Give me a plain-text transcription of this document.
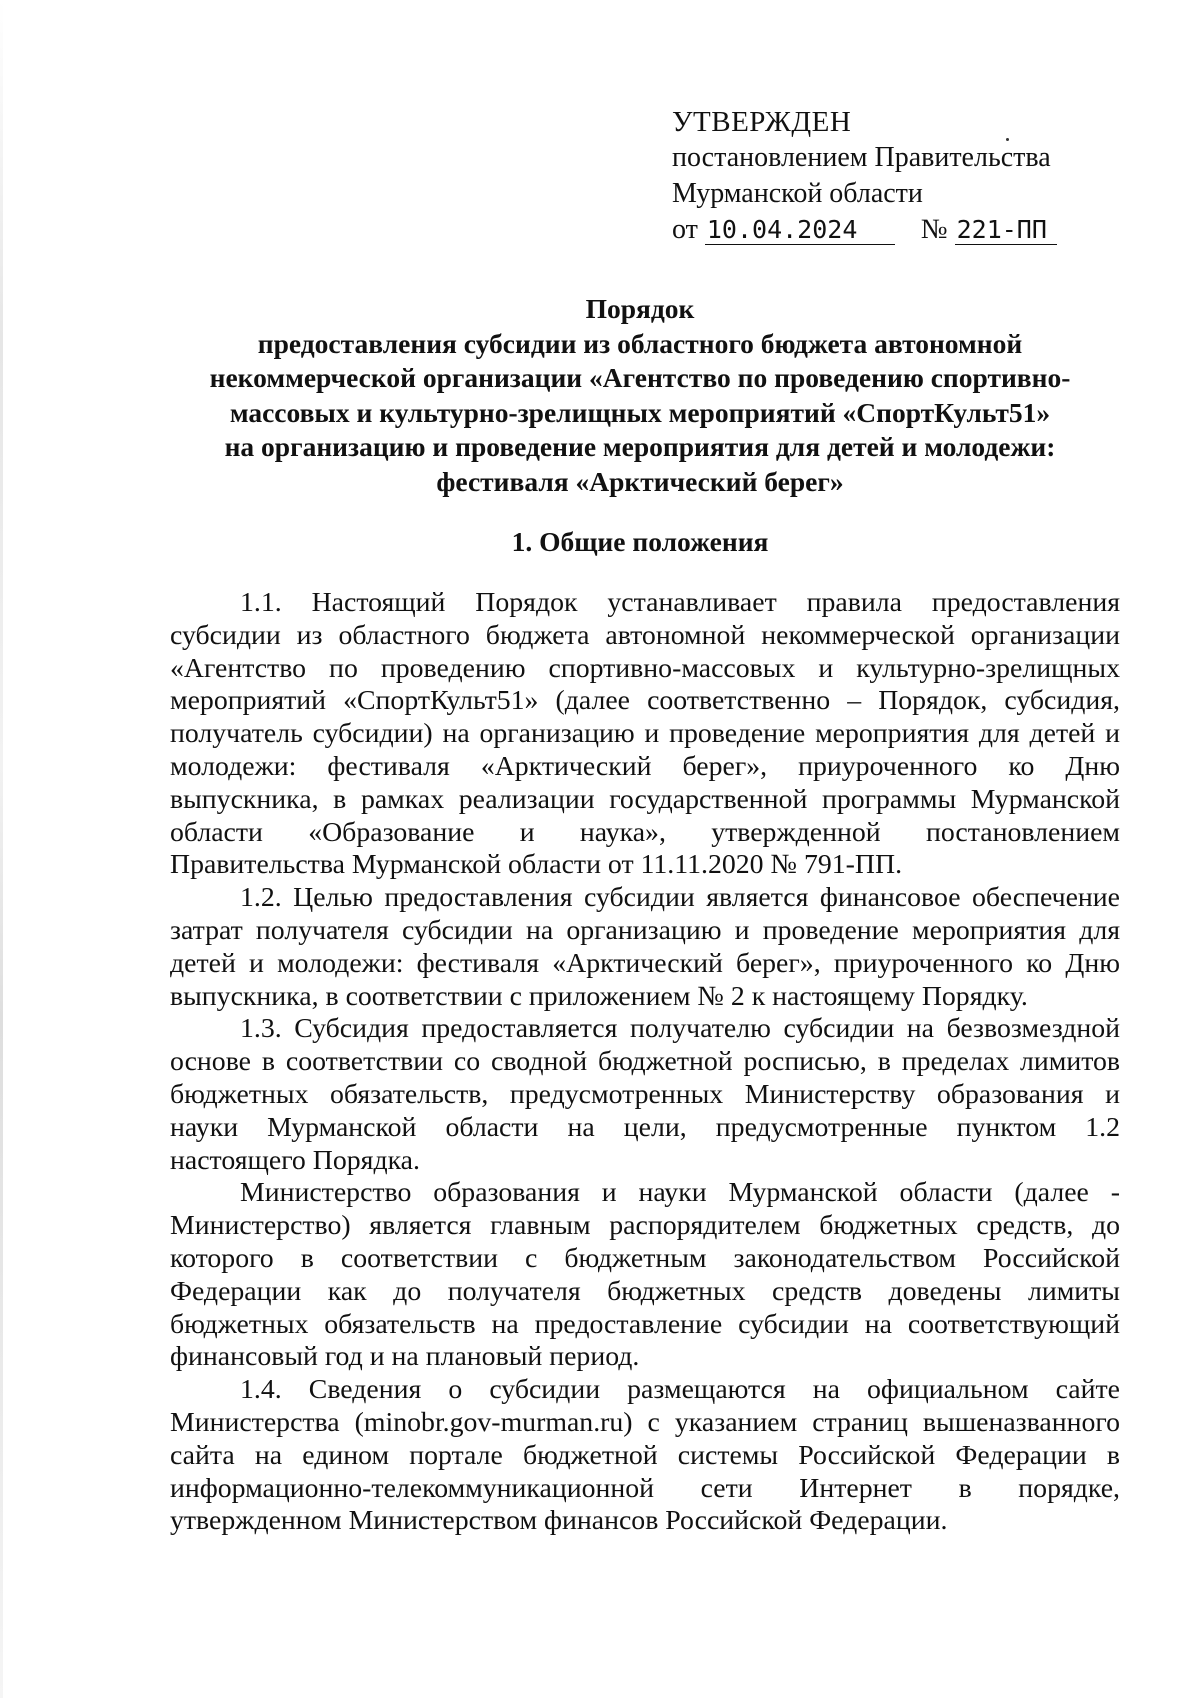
УТВЕРЖДЕН
постановлением Правительства
Мурманской области
от 10.04.2024 № 221-ПП
Порядок
предоставления субсидии из областного бюджета автономной
некоммерческой организации «Агентство по проведению спортивно-
массовых и культурно-зрелищных мероприятий «СпортКульт51»
на организацию и проведение мероприятия для детей и молодежи:
фестиваля «Арктический берег»
1. Общие положения
1.1. Настоящий Порядок устанавливает правила предоставления
субсидии из областного бюджета автономной некоммерческой организации
«Агентство по проведению спортивно-массовых и культурно-зрелищных
мероприятий «СпортКульт51» (далее соответственно – Порядок, субсидия,
получатель субсидии) на организацию и проведение мероприятия для детей и
молодежи: фестиваля «Арктический берег», приуроченного ко Дню
выпускника, в рамках реализации государственной программы Мурманской
области «Образование и наука», утвержденной постановлением
Правительства Мурманской области от 11.11.2020 № 791-ПП.
1.2. Целью предоставления субсидии является финансовое обеспечение
затрат получателя субсидии на организацию и проведение мероприятия для
детей и молодежи: фестиваля «Арктический берег», приуроченного ко Дню
выпускника, в соответствии с приложением № 2 к настоящему Порядку.
1.3. Субсидия предоставляется получателю субсидии на безвозмездной
основе в соответствии со сводной бюджетной росписью, в пределах лимитов
бюджетных обязательств, предусмотренных Министерству образования и
науки Мурманской области на цели, предусмотренные пунктом 1.2
настоящего Порядка.
Министерство образования и науки Мурманской области (далее -
Министерство) является главным распорядителем бюджетных средств, до
которого в соответствии с бюджетным законодательством Российской
Федерации как до получателя бюджетных средств доведены лимиты
бюджетных обязательств на предоставление субсидии на соответствующий
финансовый год и на плановый период.
1.4. Сведения о субсидии размещаются на официальном сайте
Министерства (minobr.gov-murman.ru) с указанием страниц вышеназванного
сайта на едином портале бюджетной системы Российской Федерации в
информационно-телекоммуникационной сети Интернет в порядке,
утвержденном Министерством финансов Российской Федерации.
